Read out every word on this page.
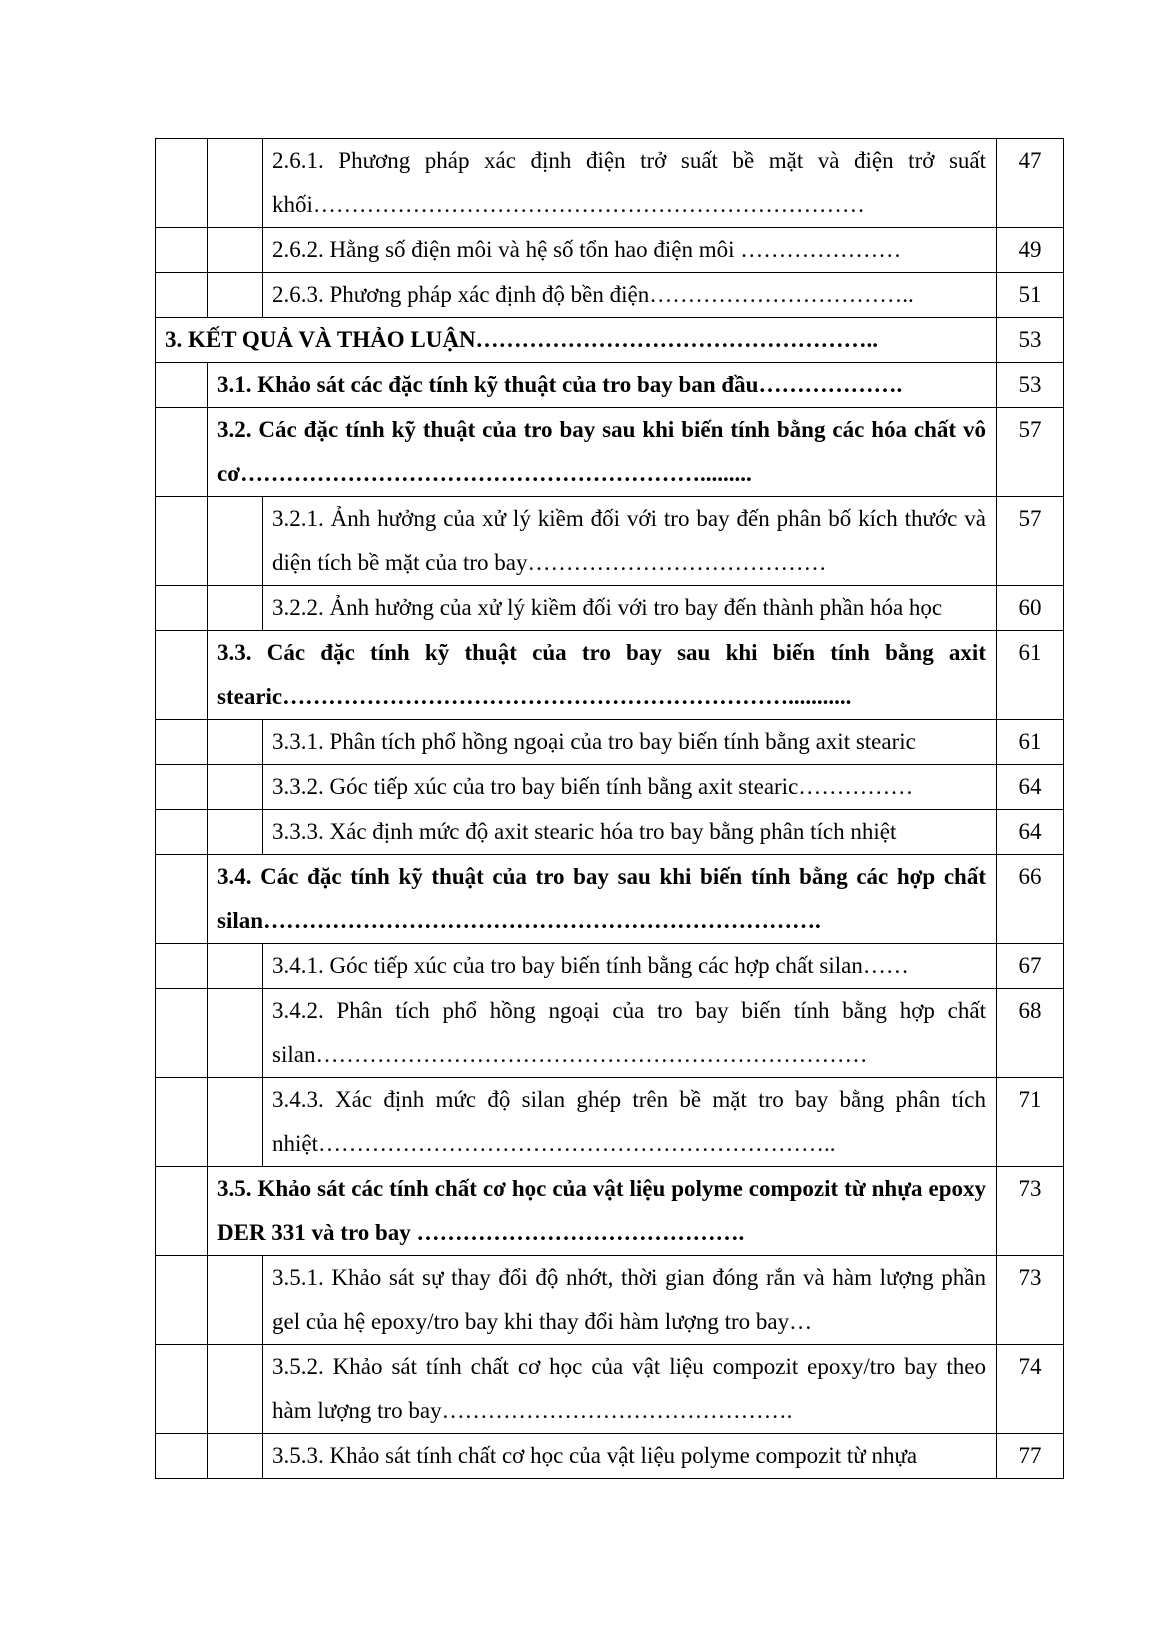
		2.6.1. Phương pháp xác định điện trở suất bề mặt và điện trở suất khối………………………………………………………………	47
		2.6.2. Hằng số điện môi và hệ số tổn hao điện môi …………………	49
		2.6.3. Phương pháp xác định độ bền điện……………………………..	51
3. KẾT QUẢ VÀ THẢO LUẬN……………………………………………..			53
	3.1. Khảo sát các đặc tính kỹ thuật của tro bay ban đầu……………….		53
	3.2. Các đặc tính kỹ thuật của tro bay sau khi biến tính bằng các hóa chất vô cơ…………………………………………………….........		57
		3.2.1. Ảnh hưởng của xử lý kiềm đối với tro bay đến phân bố kích thước và diện tích bề mặt của tro bay…………………………………	57
		3.2.2. Ảnh hưởng của xử lý kiềm đối với tro bay đến thành phần hóa học	60
	3.3. Các đặc tính kỹ thuật của tro bay sau khi biến tính bằng axit stearic…………………………………………………………...........		61
		3.3.1. Phân tích phổ hồng ngoại của tro bay biến tính bằng axit stearic	61
		3.3.2. Góc tiếp xúc của tro bay biến tính bằng axit stearic……………	64
		3.3.3. Xác định mức độ axit stearic hóa tro bay bằng phân tích nhiệt	64
	3.4. Các đặc tính kỹ thuật của tro bay sau khi biến tính bằng các hợp chất silan……………………………………………………………….		66
		3.4.1. Góc tiếp xúc của tro bay biến tính bằng các hợp chất silan……	67
		3.4.2. Phân tích phổ hồng ngoại của tro bay biến tính bằng hợp chất silan………………………………………………………………	68
		3.4.3. Xác định mức độ silan ghép trên bề mặt tro bay bằng phân tích nhiệt…………………………………………………………..	71
	3.5. Khảo sát các tính chất cơ học của vật liệu polyme compozit từ nhựa epoxy DER 331 và tro bay …………………………………….		73
		3.5.1. Khảo sát sự thay đổi độ nhớt, thời gian đóng rắn và hàm lượng phần gel của hệ epoxy/tro bay khi thay đổi hàm lượng tro bay…	73
		3.5.2. Khảo sát tính chất cơ học của vật liệu compozit epoxy/tro bay theo hàm lượng tro bay……………………………………….	74
		3.5.3. Khảo sát tính chất cơ học của vật liệu polyme compozit từ nhựa	77
